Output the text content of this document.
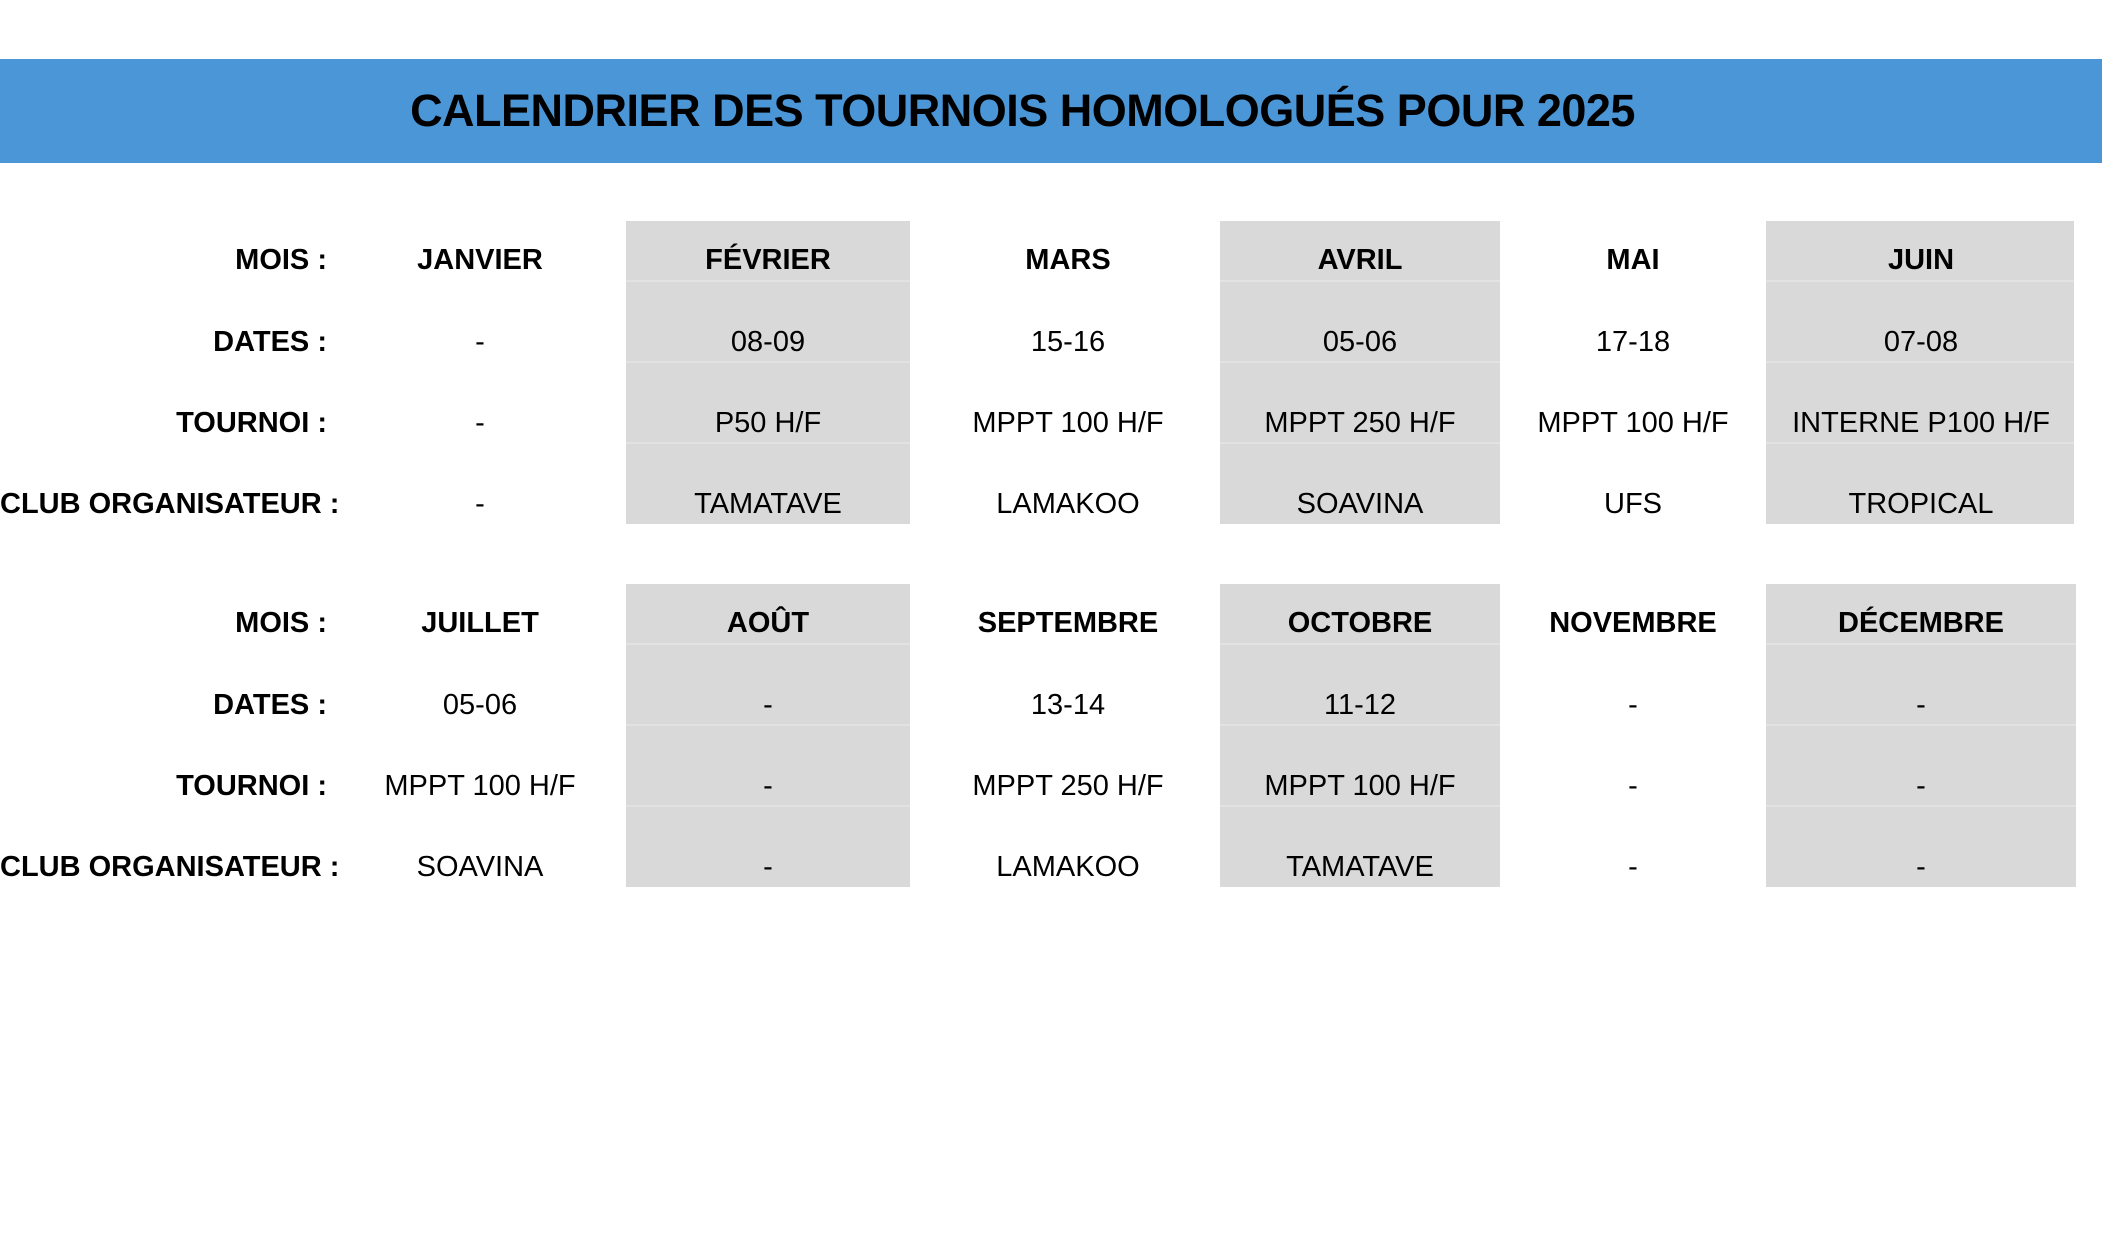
CALENDRIER DES TOURNOIS HOMOLOGUÉS POUR 2025
MOIS :
DATES :
TOURNOI :
CLUB ORGANISATEUR :
JANVIER
-
-
-
FÉVRIER
08-09
P50 H/F
TAMATAVE
MARS
15-16
MPPT 100 H/F
LAMAKOO
AVRIL
05-06
MPPT 250 H/F
SOAVINA
MAI
17-18
MPPT 100 H/F
UFS
JUIN
07-08
INTERNE P100 H/F
TROPICAL
MOIS :
DATES :
TOURNOI :
CLUB ORGANISATEUR :
JUILLET
05-06
MPPT 100 H/F
SOAVINA
AOÛT
-
-
-
SEPTEMBRE
13-14
MPPT 250 H/F
LAMAKOO
OCTOBRE
11-12
MPPT 100 H/F
TAMATAVE
NOVEMBRE
-
-
-
DÉCEMBRE
-
-
-
